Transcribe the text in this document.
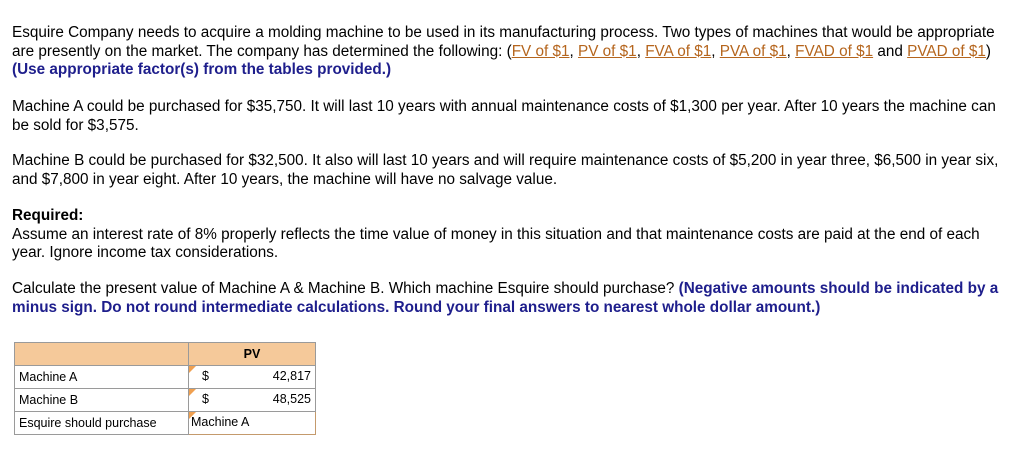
Esquire Company needs to acquire a molding machine to be used in its manufacturing process. Two types of machines that would be appropriate are presently on the market. The company has determined the following: (FV of $1, PV of $1, FVA of $1, PVA of $1, FVAD of $1 and PVAD of $1) (Use appropriate factor(s) from the tables provided.)

Machine A could be purchased for $35,750. It will last 10 years with annual maintenance costs of $1,300 per year. After 10 years the machine can be sold for $3,575.

Machine B could be purchased for $32,500. It also will last 10 years and will require maintenance costs of $5,200 in year three, $6,500 in year six, and $7,800 in year eight. After 10 years, the machine will have no salvage value.

Required:
Assume an interest rate of 8% properly reflects the time value of money in this situation and that maintenance costs are paid at the end of each year. Ignore income tax considerations.

Calculate the present value of Machine A & Machine B. Which machine Esquire should purchase? (Negative amounts should be indicated by a minus sign. Do not round intermediate calculations. Round your final answers to nearest whole dollar amount.)

	PV
Machine A	$ 42,817

Machine B	$ 48,525

Esquire should purchase	Machine A
